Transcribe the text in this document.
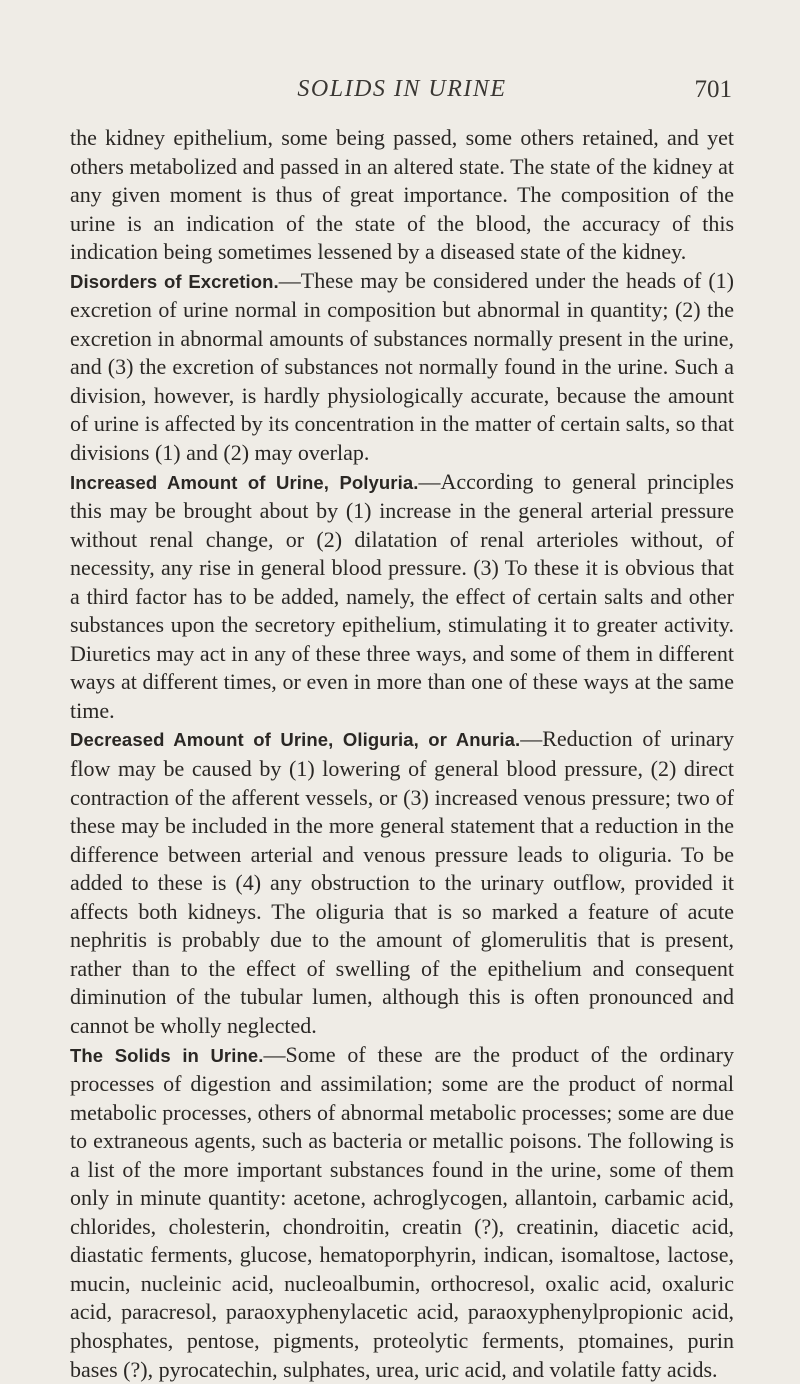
SOLIDS IN URINE	701

the kidney epithelium, some being passed, some others retained, and yet others metabolized and passed in an altered state. The state of the kidney at any given moment is thus of great importance. The composition of the urine is an indication of the state of the blood, the accuracy of this indication being sometimes lessened by a diseased state of the kidney.

Disorders of Excretion.—These may be considered under the heads of (1) excretion of urine normal in composition but abnormal in quantity; (2) the excretion in abnormal amounts of substances normally present in the urine, and (3) the excretion of substances not normally found in the urine. Such a division, however, is hardly physiologically accurate, because the amount of urine is affected by its concentration in the matter of certain salts, so that divisions (1) and (2) may overlap.

Increased Amount of Urine, Polyuria.—According to general principles this may be brought about by (1) increase in the general arterial pressure without renal change, or (2) dilatation of renal arterioles without, of necessity, any rise in general blood pressure. (3) To these it is obvious that a third factor has to be added, namely, the effect of certain salts and other substances upon the secretory epithelium, stimulating it to greater activity. Diuretics may act in any of these three ways, and some of them in different ways at different times, or even in more than one of these ways at the same time.

Decreased Amount of Urine, Oliguria, or Anuria.—Reduction of urinary flow may be caused by (1) lowering of general blood pressure, (2) direct contraction of the afferent vessels, or (3) increased venous pressure; two of these may be included in the more general statement that a reduction in the difference between arterial and venous pressure leads to oliguria. To be added to these is (4) any obstruction to the urinary outflow, provided it affects both kidneys. The oliguria that is so marked a feature of acute nephritis is probably due to the amount of glomerulitis that is present, rather than to the effect of swelling of the epithelium and consequent diminution of the tubular lumen, although this is often pronounced and cannot be wholly neglected.

The Solids in Urine.—Some of these are the product of the ordinary processes of digestion and assimilation; some are the product of normal metabolic processes, others of abnormal metabolic processes; some are due to extraneous agents, such as bacteria or metallic poisons. The following is a list of the more important substances found in the urine, some of them only in minute quantity: acetone, achroglycogen, allantoin, carbamic acid, chlorides, cholesterin, chondroitin, creatin (?), creatinin, diacetic acid, diastatic ferments, glucose, hematoporphyrin, indican, isomaltose, lactose, mucin, nucleinic acid, nucleoalbumin, orthocresol, oxalic acid, oxaluric acid, paracresol, paraoxyphenylacetic acid, paraoxyphenylpropionic acid, phosphates, pentose, pigments, proteolytic ferments, ptomaines, purin bases (?), pyrocatechin, sulphates, urea, uric acid, and volatile fatty acids.
